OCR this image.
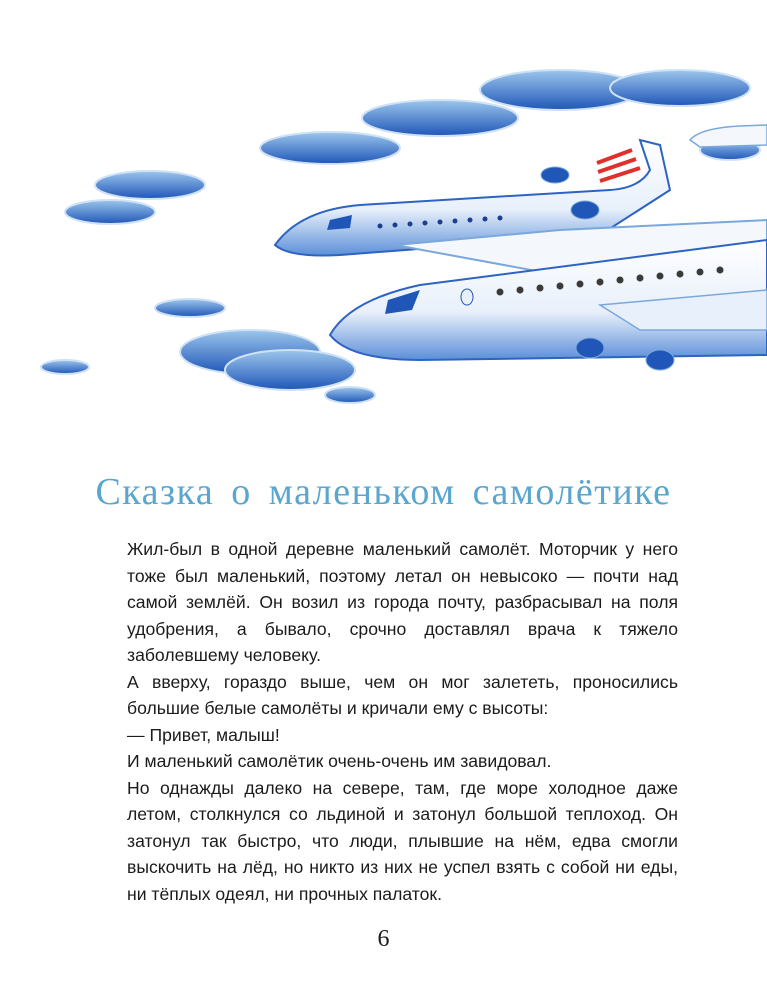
Сказка о маленьком самолётике

Жил-был в одной деревне маленький самолёт. Моторчик у него тоже был маленький, поэтому летал он невысоко — почти над самой землёй. Он возил из города почту, разбрасывал на поля удобрения, а бывало, срочно доставлял врача к тяжело заболевшему человеку.

А вверху, гораздо выше, чем он мог залететь, проносились большие белые самолёты и кричали ему с высоты:

— Привет, малыш!

И маленький самолётик очень-очень им завидовал.

Но однажды далеко на севере, там, где море холодное даже летом, столкнулся со льдиной и затонул большой теплоход. Он затонул так быстро, что люди, плывшие на нём, едва смогли выскочить на лёд, но никто из них не успел взять с собой ни еды, ни тёплых одеял, ни прочных палаток.

6
